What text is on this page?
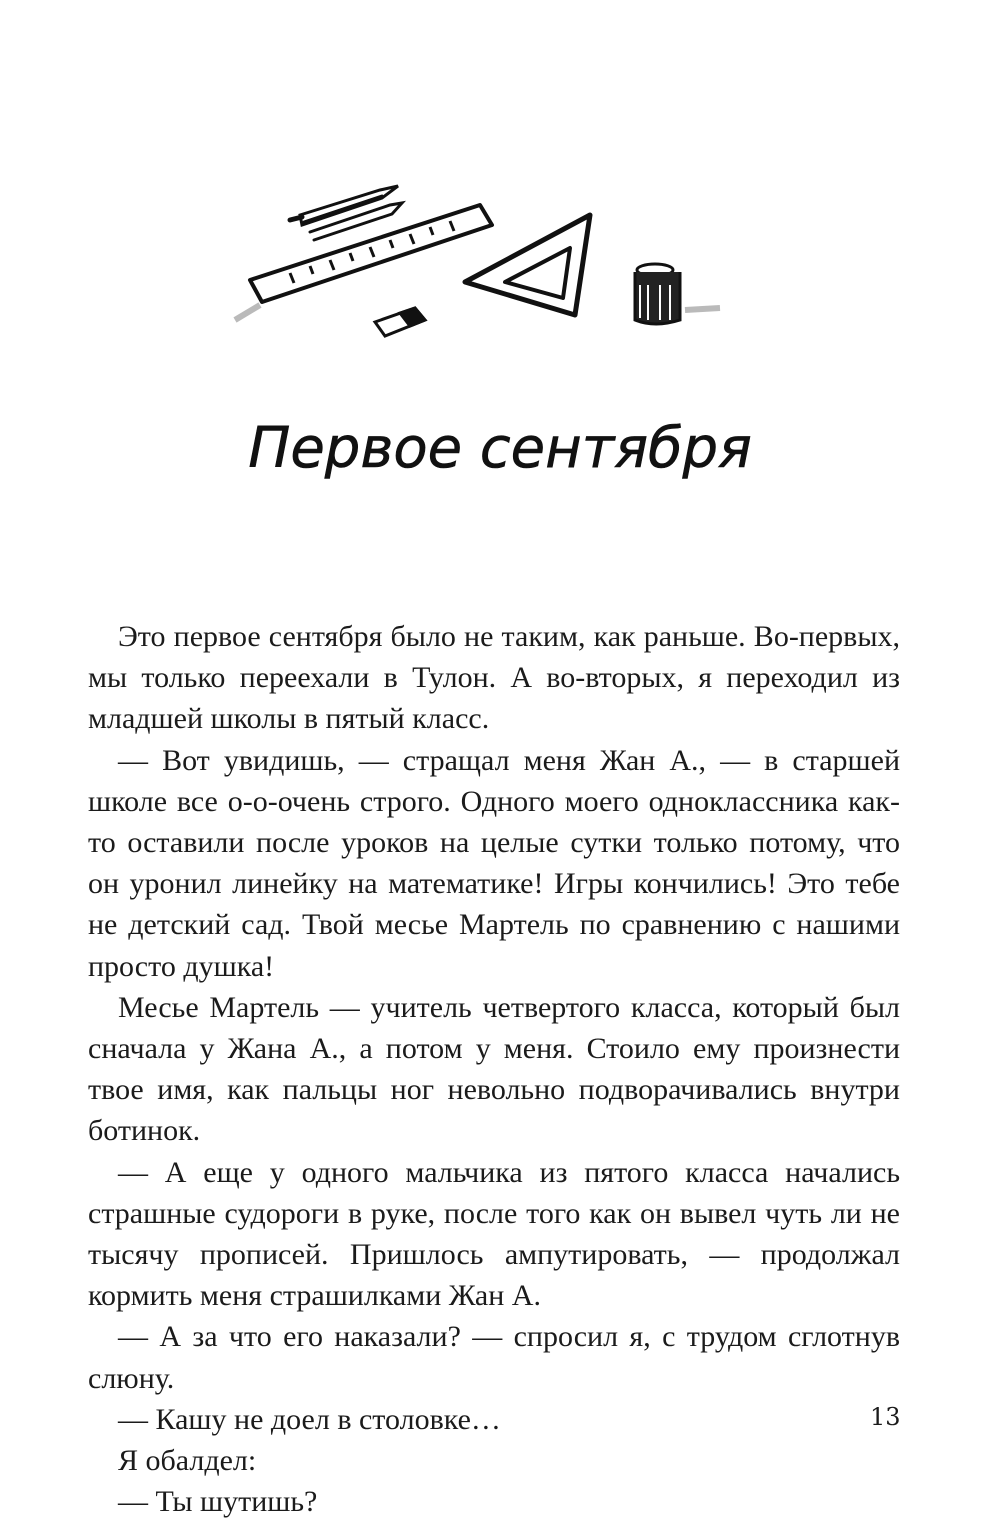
Первое сентября

Это первое сентября было не таким, как раньше. Во-первых, мы только переехали в Тулон. А во-вторых, я переходил из младшей школы в пятый класс.

— Вот увидишь, — стращал меня Жан А., — в старшей школе все о-о-очень строго. Одного моего одноклассника как-то оставили после уроков на целые сутки только потому, что он уронил линейку на математике! Игры кончились! Это тебе не детский сад. Твой месье Мартель по сравнению с нашими просто душка!

Месье Мартель — учитель четвертого класса, который был сначала у Жана А., а потом у меня. Стоило ему произнести твое имя, как пальцы ног невольно подворачивались внутри ботинок.

— А еще у одного мальчика из пятого класса начались страшные судороги в руке, после того как он вывел чуть ли не тысячу прописей. Пришлось ампутировать, — продолжал кормить меня страшилками Жан А.

— А за что его наказали? — спросил я, с трудом сглотнув слюну.

— Кашу не доел в столовке…

Я обалдел:

— Ты шутишь?

13
